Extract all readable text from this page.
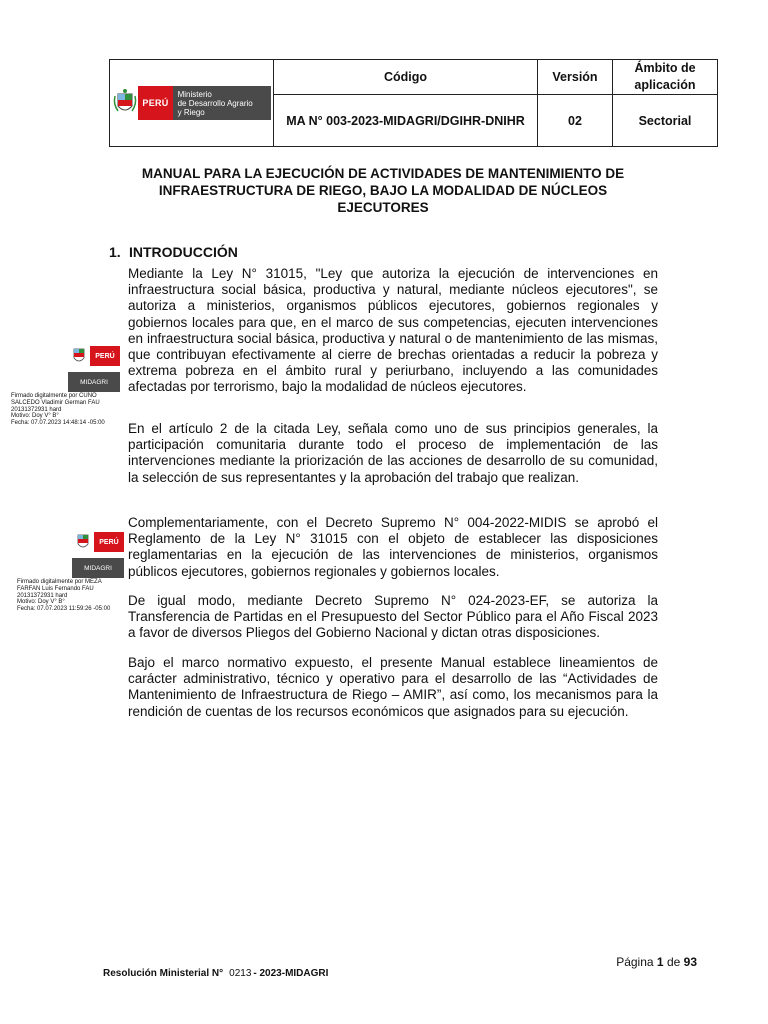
PERÚ
Ministerio
de Desarrollo Agrario
y Riego	Código	Versión	Ámbito de aplicación
	MA N° 003-2023-MIDAGRI/DGIHR-DNIHR	02	Sectorial
MANUAL PARA LA EJECUCIÓN DE ACTIVIDADES DE MANTENIMIENTO DE
INFRAESTRUCTURA DE RIEGO, BAJO LA MODALIDAD DE NÚCLEOS
EJECUTORES
1. INTRODUCCIÓN

Mediante la Ley N° 31015, "Ley que autoriza la ejecución de intervenciones en infraestructura social básica, productiva y natural, mediante núcleos ejecutores", se autoriza a ministerios, organismos públicos ejecutores, gobiernos regionales y gobiernos locales para que, en el marco de sus competencias, ejecuten intervenciones en infraestructura social básica, productiva y natural o de mantenimiento de las mismas, que contribuyan efectivamente al cierre de brechas orientadas a reducir la pobreza y extrema pobreza en el ámbito rural y periurbano, incluyendo a las comunidades afectadas por terrorismo, bajo la modalidad de núcleos ejecutores.

En el artículo 2 de la citada Ley, señala como uno de sus principios generales, la participación comunitaria durante todo el proceso de implementación de las intervenciones mediante la priorización de las acciones de desarrollo de su comunidad, la selección de sus representantes y la aprobación del trabajo que realizan.

Complementariamente, con el Decreto Supremo N° 004-2022-MIDIS se aprobó el Reglamento de la Ley N° 31015 con el objeto de establecer las disposiciones reglamentarias en la ejecución de las intervenciones de ministerios, organismos públicos ejecutores, gobiernos regionales y gobiernos locales.

De igual modo, mediante Decreto Supremo N° 024-2023-EF, se autoriza la Transferencia de Partidas en el Presupuesto del Sector Público para el Año Fiscal 2023 a favor de diversos Pliegos del Gobierno Nacional y dictan otras disposiciones.

Bajo el marco normativo expuesto, el presente Manual establece lineamientos de carácter administrativo, técnico y operativo para el desarrollo de las “Actividades de Mantenimiento de Infraestructura de Riego – AMIR”, así como, los mecanismos para la rendición de cuentas de los recursos económicos que asignados para su ejecución.

PERÚ
MIDAGRI
Firmado digitalmente por CUNO
SALCEDO Vladimir German FAU
20131372931 hard
Motivo: Doy V° B°
Fecha: 07.07.2023 14:48:14 -05:00
PERÚ
MIDAGRI
Firmado digitalmente por MEZA
FARFAN Luis Fernando FAU
20131372931 hard
Motivo: Doy V° B°
Fecha: 07.07.2023 11:59:26 -05:00
Página 1 de 93
Resolución Ministerial N° 0213 - 2023-MIDAGRI
